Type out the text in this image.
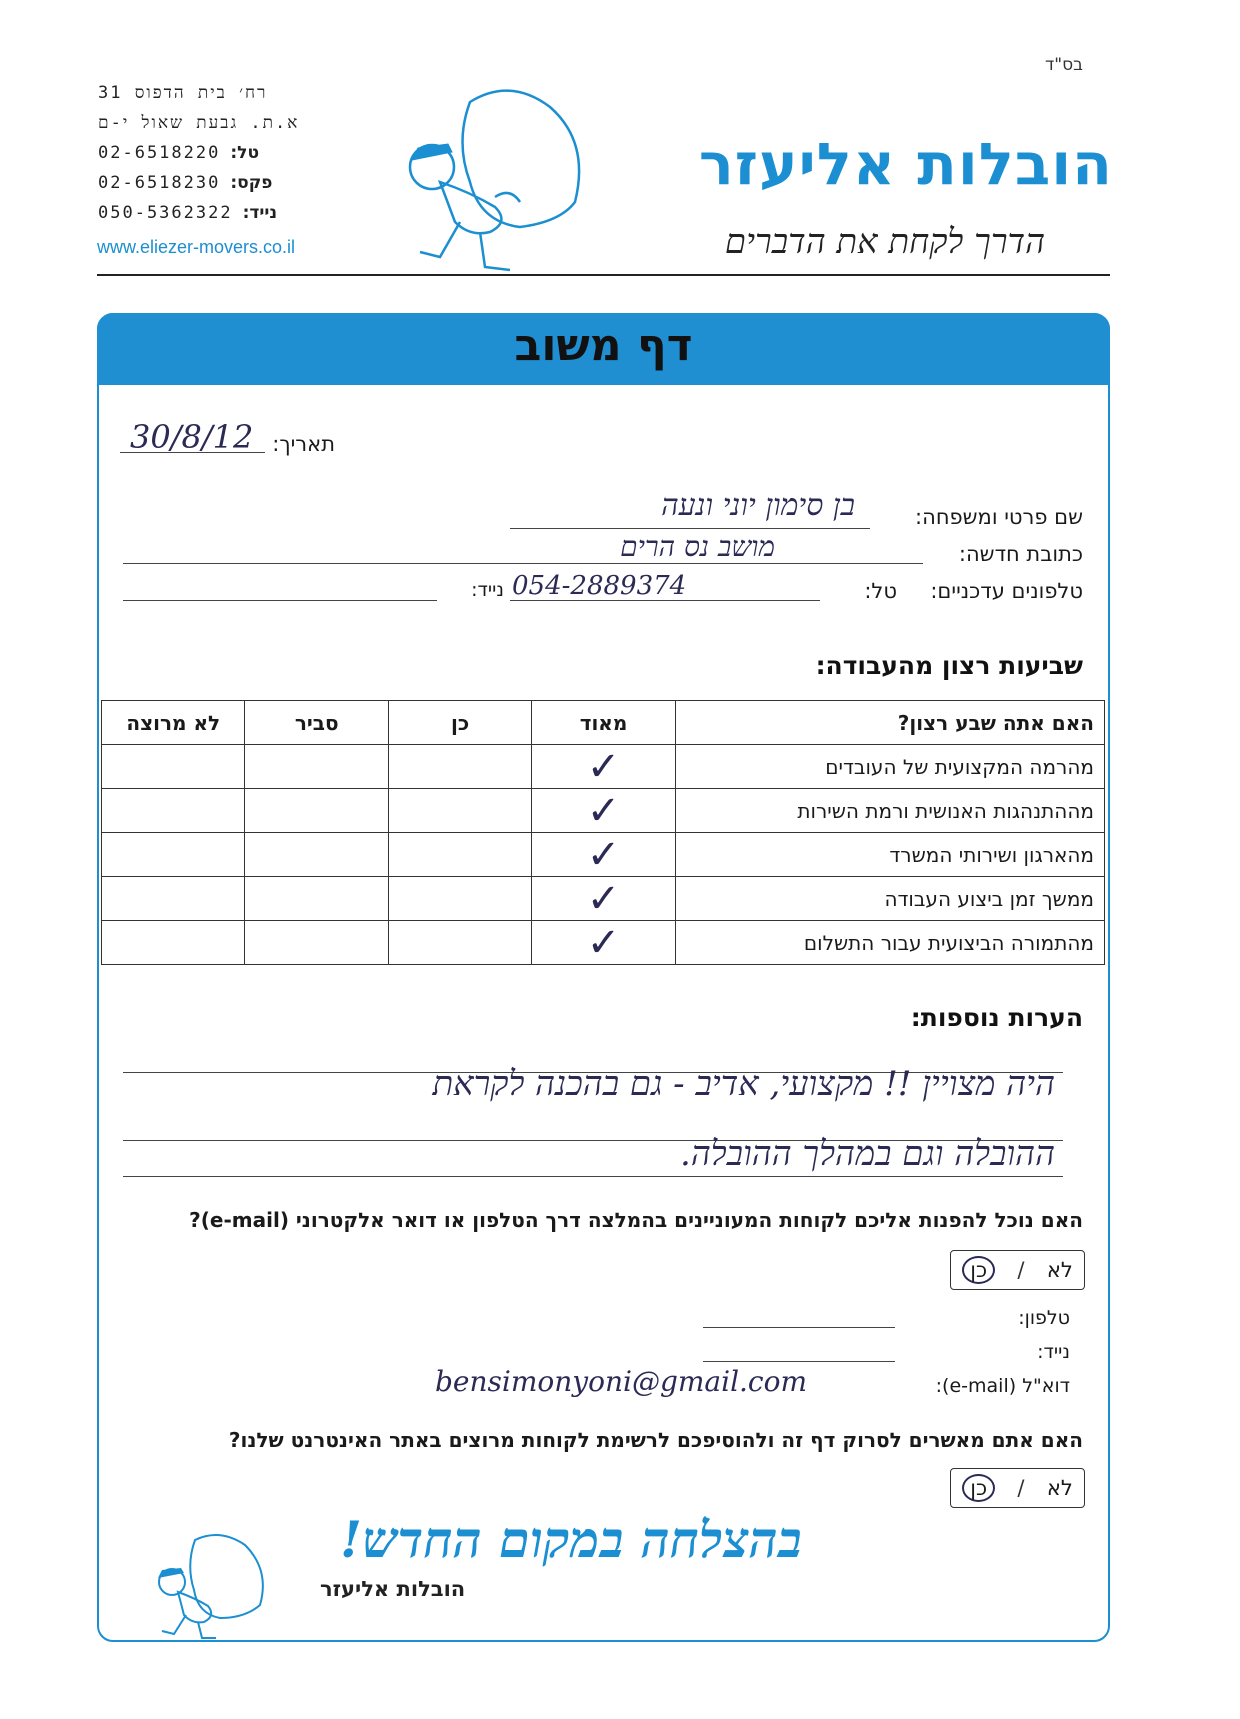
בס"ד
הובלות אליעזר
הדרך לקחת את הדברים
רח׳ בית הדפוס 31
א.ת. גבעת שאול י-ם
טל:
02-6518220
פקס:
02-6518230
נייד:
050-5362322
www.eliezer-movers.co.il
דף משוב
תאריך:
30/8/12
שם פרטי ומשפחה:
בן סימון יוני ונעה
כתובת חדשה:
מושב נס הרים
טלפונים עדכניים:
טל:
נייד: 054-2889374
שביעות רצון מהעבודה:
האם אתה שבע רצון?	מאוד	כן	סביר	לא מרוצה
מהרמה המקצועית של העובדים	✓			
מההתנהגות האנושית ורמת השירות	✓			
מהארגון ושירותי המשרד	✓			
ממשך זמן ביצוע העבודה	✓			
מהתמורה הביצועית עבור התשלום	✓			
הערות נוספות:
היה מצויין !! מקצועי, אדיב - גם בהכנה לקראת
ההובלה וגם במהלך ההובלה.
האם נוכל להפנות אליכם לקוחות המעוניינים בהמלצה דרך הטלפון או דואר אלקטרוני (e-mail)?
לא
/
כן
טלפון:
נייד:
דוא"ל (e-mail):
bensimonyoni@gmail.com
האם אתם מאשרים לסרוק דף זה ולהוסיפכם לרשימת לקוחות מרוצים באתר האינטרנט שלנו?
לא
/
כן
בהצלחה במקום החדש!
הובלות אליעזר
